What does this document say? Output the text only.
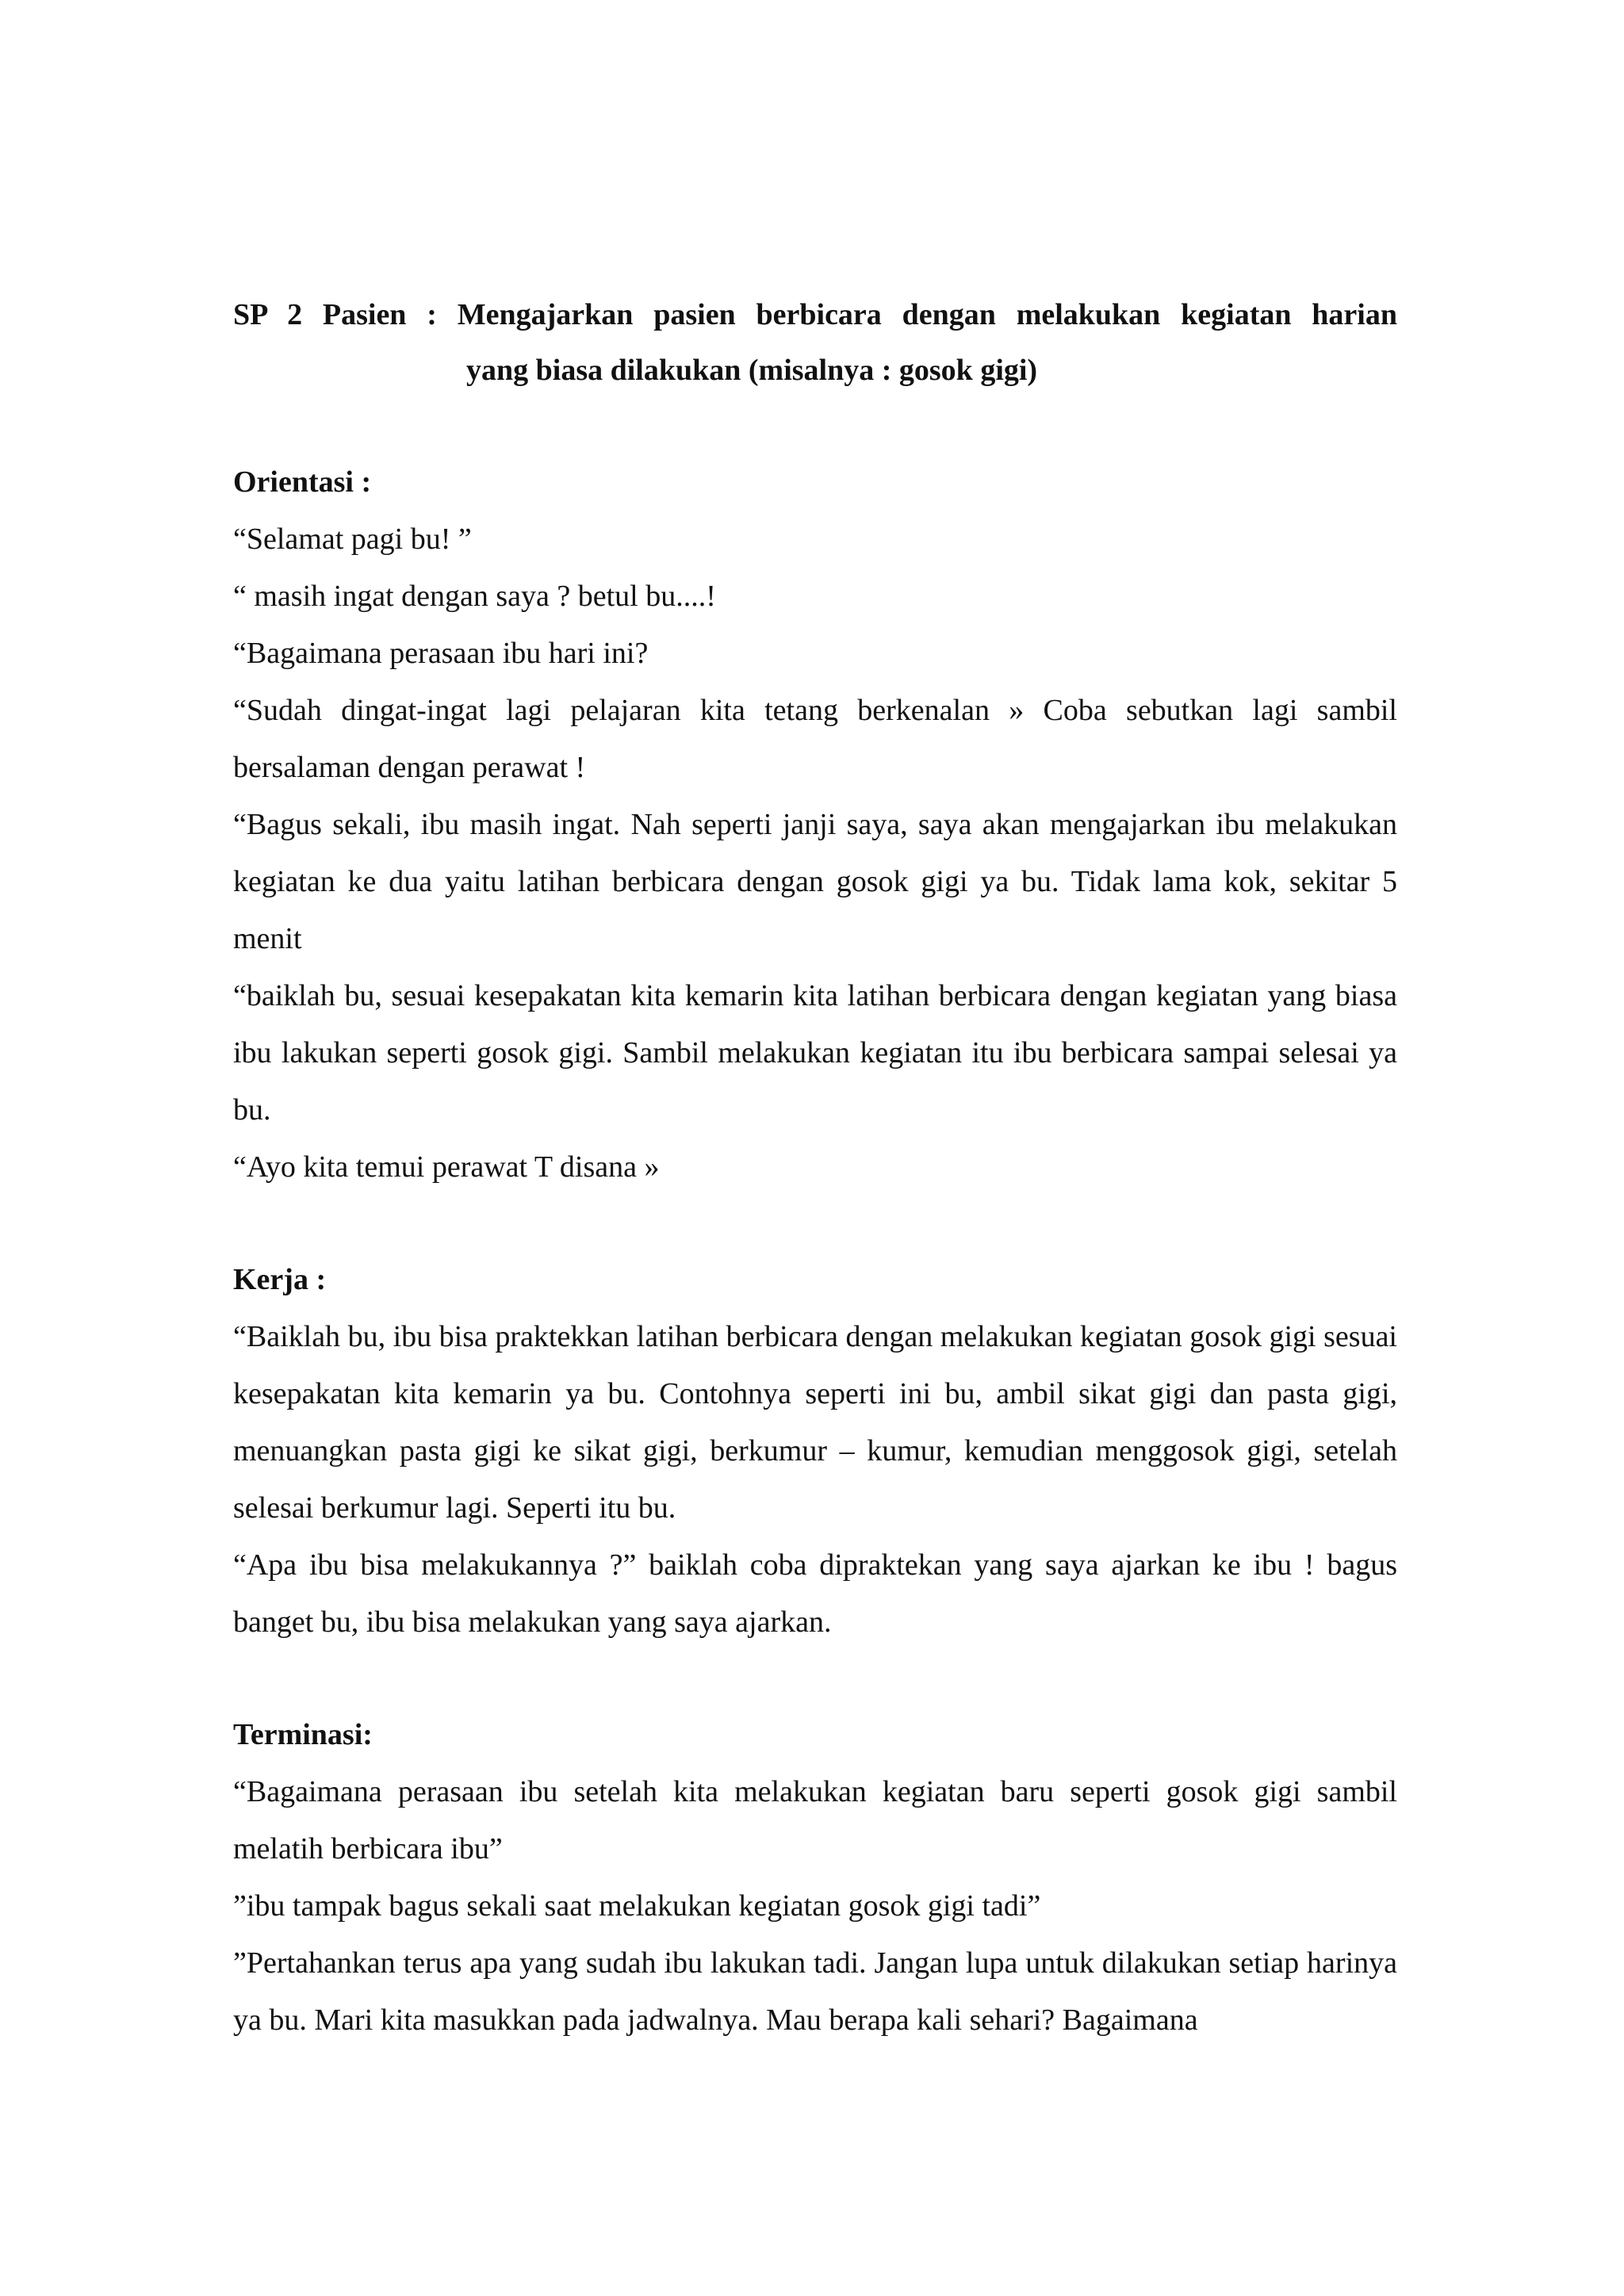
SP 2 Pasien : Mengajarkan pasien berbicara dengan melakukan kegiatan harian
yang biasa dilakukan (misalnya : gosok gigi)
Orientasi :

“Selamat pagi bu! ”

“ masih ingat dengan saya ? betul bu....!

“Bagaimana perasaan ibu hari ini?

“Sudah dingat-ingat lagi pelajaran kita tetang berkenalan » Coba sebutkan lagi sambil bersalaman dengan perawat !

“Bagus sekali, ibu masih ingat. Nah seperti janji saya, saya akan mengajarkan ibu melakukan kegiatan ke dua yaitu latihan berbicara dengan gosok gigi ya bu. Tidak lama kok, sekitar 5 menit

“baiklah bu, sesuai kesepakatan kita kemarin kita latihan berbicara dengan kegiatan yang biasa ibu lakukan seperti gosok gigi. Sambil melakukan kegiatan itu ibu berbicara sampai selesai ya bu.

“Ayo kita temui perawat T disana »

Kerja :

“Baiklah bu, ibu bisa praktekkan latihan berbicara dengan melakukan kegiatan gosok gigi sesuai kesepakatan kita kemarin ya bu. Contohnya seperti ini bu, ambil sikat gigi dan pasta gigi, menuangkan pasta gigi ke sikat gigi, berkumur – kumur, kemudian menggosok gigi, setelah selesai berkumur lagi. Seperti itu bu.

“Apa ibu bisa melakukannya ?” baiklah coba dipraktekan yang saya ajarkan ke ibu ! bagus banget bu, ibu bisa melakukan yang saya ajarkan.

Terminasi:

“Bagaimana perasaan ibu setelah kita melakukan kegiatan baru seperti gosok gigi sambil melatih berbicara ibu”

”ibu tampak bagus sekali saat melakukan kegiatan gosok gigi tadi”

”Pertahankan terus apa yang sudah ibu lakukan tadi. Jangan lupa untuk dilakukan setiap harinya ya bu. Mari kita masukkan pada jadwalnya. Mau berapa kali sehari? Bagaimana
